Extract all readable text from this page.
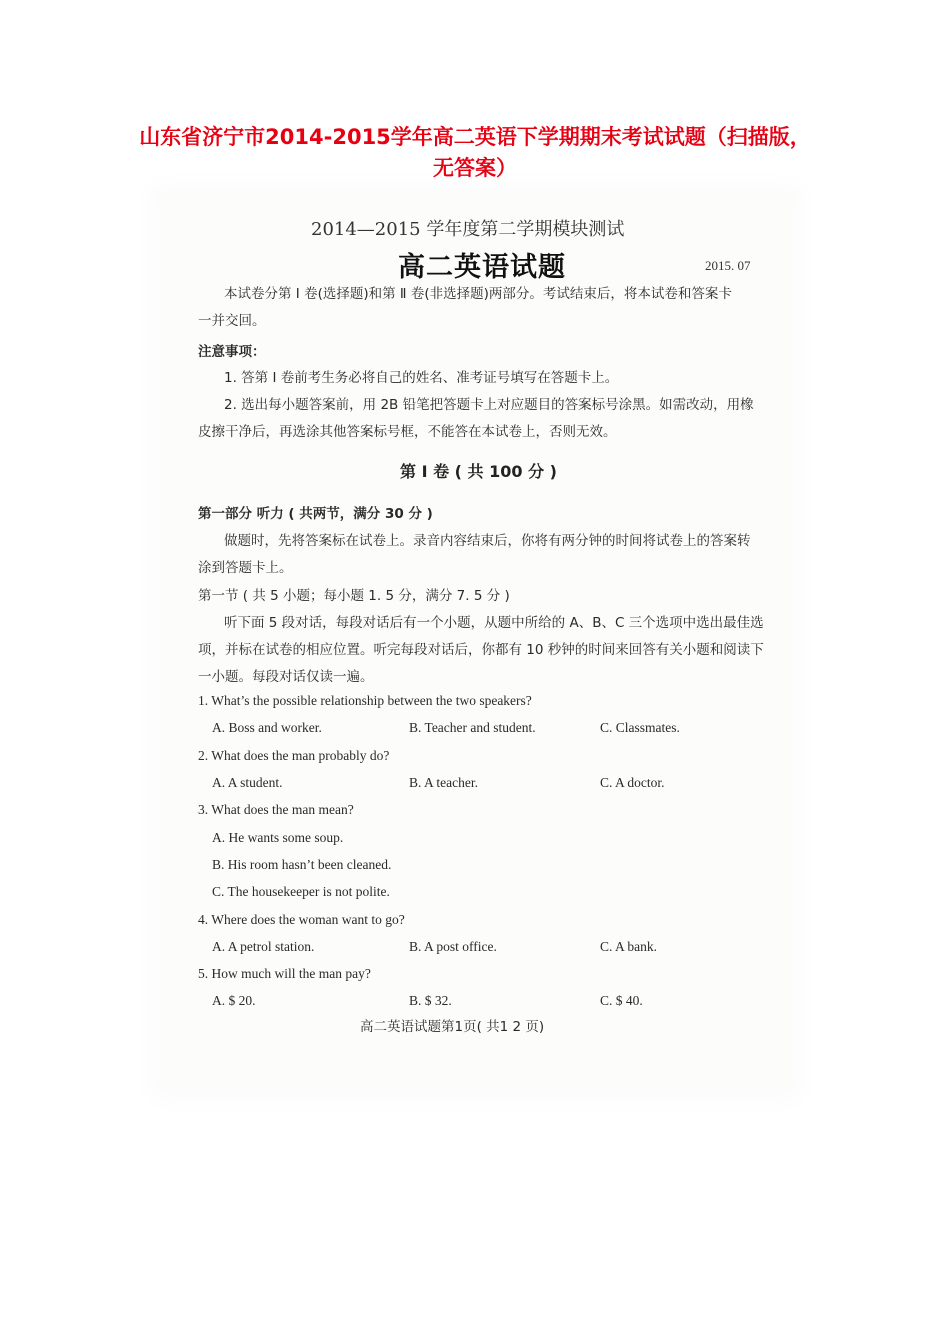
山东省济宁市2014-2015学年高二英语下学期期末考试试题（扫描版，无答案）
2014—2015 学年度第二学期模块测试
高二英语试题	2015. 07
本试卷分第 Ⅰ 卷(选择题)和第 Ⅱ 卷(非选择题)两部分。考试结束后，将本试卷和答案卡
一并交回。
注意事项：
1. 答第 Ⅰ 卷前考生务必将自己的姓名、准考证号填写在答题卡上。
2. 选出每小题答案前，用 2B 铅笔把答题卡上对应题目的答案标号涂黑。如需改动，用橡
皮擦干净后，再选涂其他答案标号框，不能答在本试卷上，否则无效。
第 Ⅰ 卷 ( 共 100 分 )
第一部分 听力 ( 共两节，满分 30 分 )
做题时，先将答案标在试卷上。录音内容结束后，你将有两分钟的时间将试卷上的答案转
涂到答题卡上。
第一节 ( 共 5 小题；每小题 1. 5 分，满分 7. 5 分 )
听下面 5 段对话，每段对话后有一个小题，从题中所给的 A、B、C 三个选项中选出最佳选
项，并标在试卷的相应位置。听完每段对话后，你都有 10 秒钟的时间来回答有关小题和阅读下
一小题。每段对话仅读一遍。
1. What’s the possible relationship between the two speakers?
A. Boss and worker.	B. Teacher and student.	C. Classmates.
2. What does the man probably do?
A. A student.	B. A teacher.	C. A doctor.
3. What does the man mean?
A. He wants some soup.
B. His room hasn’t been cleaned.
C. The housekeeper is not polite.
4. Where does the woman want to go?
A. A petrol station.	B. A post office.	C. A bank.
5. How much will the man pay?
A. $ 20.	B. $ 32.	C. $ 40.
高二英语试题第1页( 共1 2 页)
